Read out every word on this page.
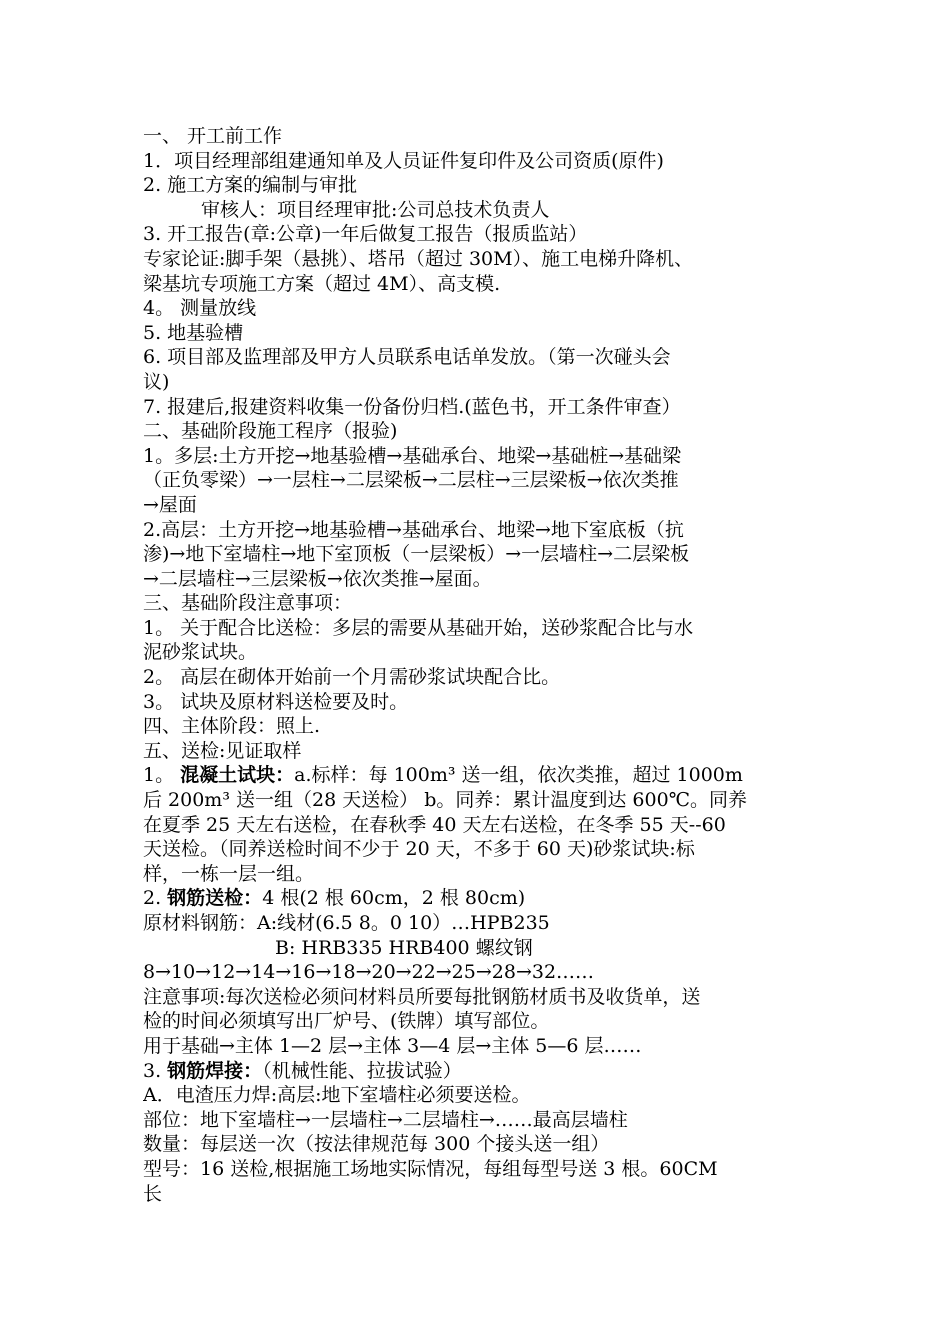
一、 开工前工作
1．项目经理部组建通知单及人员证件复印件及公司资质(原件)
2. 施工方案的编制与审批
审核人：项目经理审批:公司总技术负责人
3. 开工报告(章:公章)一年后做复工报告（报质监站）
专家论证:脚手架（悬挑）、塔吊（超过 30M）、施工电梯升降机、
梁基坑专项施工方案（超过 4M）、高支模.
4。 测量放线
5. 地基验槽
6. 项目部及监理部及甲方人员联系电话单发放。（第一次碰头会
议)
7. 报建后,报建资料收集一份备份归档.(蓝色书，开工条件审查）
二、基础阶段施工程序（报验)
1。多层:土方开挖→地基验槽→基础承台、地梁→基础桩→基础梁
（正负零梁）→一层柱→二层梁板→二层柱→三层梁板→依次类推
→屋面
2.高层：土方开挖→地基验槽→基础承台、地梁→地下室底板（抗
渗)→地下室墙柱→地下室顶板（一层梁板）→一层墙柱→二层梁板
→二层墙柱→三层梁板→依次类推→屋面。
三、基础阶段注意事项：
1。 关于配合比送检：多层的需要从基础开始，送砂浆配合比与水
泥砂浆试块。
2。 高层在砌体开始前一个月需砂浆试块配合比。
3。 试块及原材料送检要及时。
四、主体阶段：照上.
五、送检:见证取样
1。 混凝土试块：a.标样：每 100m³ 送一组，依次类推，超过 1000m
后 200m³ 送一组（28 天送检） b。同养：累计温度到达 600℃。同养
在夏季 25 天左右送检，在春秋季 40 天左右送检，在冬季 55 天--60
天送检。（同养送检时间不少于 20 天，不多于 60 天)砂浆试块:标
样，一栋一层一组。
2. 钢筋送检：4 根(2 根 60cm，2 根 80cm)
原材料钢筋：A:线材(6.5 8。0 10）…HPB235
B: HRB335 HRB400 螺纹钢
8→10→12→14→16→18→20→22→25→28→32……
注意事项:每次送检必须问材料员所要每批钢筋材质书及收货单，送
检的时间必须填写出厂炉号、(铁牌）填写部位。
用于基础→主体 1—2 层→主体 3—4 层→主体 5—6 层……
3. 钢筋焊接：（机械性能、拉拔试验）
A．电渣压力焊:高层:地下室墙柱必须要送检。
部位：地下室墙柱→一层墙柱→二层墙柱→……最高层墙柱
数量：每层送一次（按法律规范每 300 个接头送一组）
型号：16 送检,根据施工场地实际情况，每组每型号送 3 根。60CM
长
